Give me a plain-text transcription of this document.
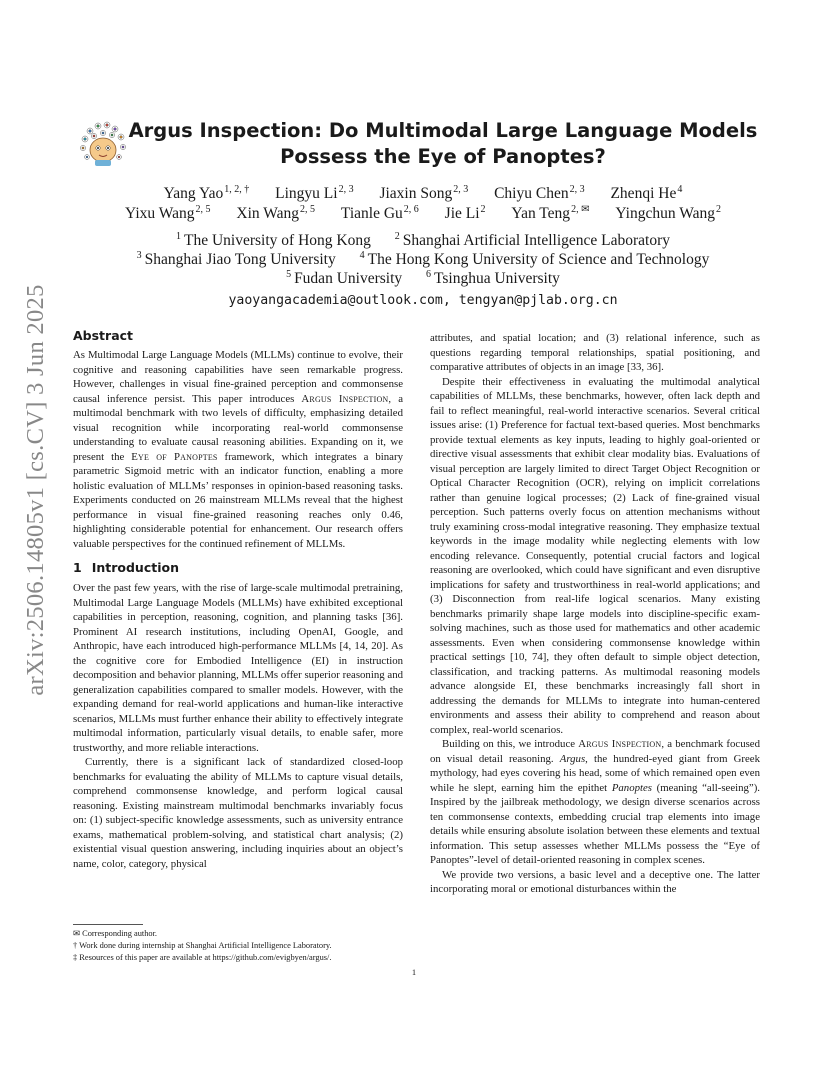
arXiv:2506.14805v1 [cs.CV] 3 Jun 2025
Argus Inspection: Do Multimodal Large Language Models
Possess the Eye of Panoptes?
Yang Yao$^{1, 2, \dagger}$ Lingyu Li$^{2, 3}$ Jiaxin Song$^{2, 3}$ Chiyu Chen$^{2, 3}$ Zhenqi He$^4$
Yixu Wang$^{2, 5}$ Xin Wang$^{2, 5}$ Tianle Gu$^{2, 6}$ Jie Li$^2$ Yan Teng$^{2, ✉}$ Yingchun Wang$^2$
$^1$ The University of Hong Kong $^2$ Shanghai Artificial Intelligence Laboratory
$^3$ Shanghai Jiao Tong University $^4$ The Hong Kong University of Science and Technology
$^5$ Fudan University $^6$ Tsinghua University
yaoyangacademia@outlook.com, tengyan@pjlab.org.cn
Abstract

As Multimodal Large Language Models (MLLMs) continue to evolve, their cognitive and reasoning capabilities have seen remarkable progress. However, challenges in visual fine-grained perception and commonsense causal inference persist. This paper introduces Argus Inspection, a multimodal benchmark with two levels of difficulty, emphasizing detailed visual recognition while incorporating real-world commonsense understanding to evaluate causal reasoning abilities. Expanding on it, we present the Eye of Panoptes framework, which integrates a binary parametric Sigmoid metric with an indicator function, enabling a more holistic evaluation of MLLMs’ responses in opinion-based reasoning tasks. Experiments conducted on 26 mainstream MLLMs reveal that the highest performance in visual fine-grained reasoning reaches only 0.46, highlighting considerable potential for enhancement. Our research offers valuable perspectives for the continued refinement of MLLMs.

1 Introduction

Over the past few years, with the rise of large-scale multimodal pretraining, Multimodal Large Language Models (MLLMs) have exhibited exceptional capabilities in perception, reasoning, cognition, and planning tasks [36]. Prominent AI research institutions, including OpenAI, Google, and Anthropic, have each introduced high-performance MLLMs [4, 14, 20]. As the cognitive core for Embodied Intelligence (EI) in instruction decomposition and behavior planning, MLLMs offer superior reasoning and generalization capabilities compared to smaller models. However, with the expanding demand for real-world applications and human-like interactive scenarios, MLLMs must further enhance their ability to effectively integrate multimodal information, particularly visual details, to enable safer, more trustworthy, and more reliable interactions.

Currently, there is a significant lack of standardized closed-loop benchmarks for evaluating the ability of MLLMs to capture visual details, comprehend commonsense knowledge, and perform logical causal reasoning. Existing mainstream multimodal benchmarks invariably focus on: (1) subject-specific knowledge assessments, such as university entrance exams, mathematical problem-solving, and statistical chart analysis; (2) existential visual question answering, including inquiries about an object’s name, color, category, physical

attributes, and spatial location; and (3) relational inference, such as questions regarding temporal relationships, spatial positioning, and comparative attributes of objects in an image [33, 36].

Despite their effectiveness in evaluating the multimodal analytical capabilities of MLLMs, these benchmarks, however, often lack depth and fail to reflect meaningful, real-world interactive scenarios. Several critical issues arise: (1) Preference for factual text-based queries. Most benchmarks provide textual elements as key inputs, leading to highly goal-oriented or directive visual assessments that exhibit clear modality bias. Evaluations of visual perception are largely limited to direct Target Object Recognition or Optical Character Recognition (OCR), relying on implicit correlations rather than genuine logical processes; (2) Lack of fine-grained visual perception. Such patterns overly focus on attention mechanisms without truly examining cross-modal integrative reasoning. They emphasize textual keywords in the image modality while neglecting elements with low encoding relevance. Consequently, potential crucial factors and logical reasoning are overlooked, which could have significant and even disruptive implications for safety and trustworthiness in real-world applications; and (3) Disconnection from real-life logical scenarios. Many existing benchmarks primarily shape large models into discipline-specific exam-solving machines, such as those used for mathematics and other academic assessments. Even when considering commonsense knowledge within practical settings [10, 74], they often default to simple object detection, classification, and tracking patterns. As multimodal reasoning models advance alongside EI, these benchmarks increasingly fall short in addressing the demands for MLLMs to integrate into human-centered environments and assess their ability to comprehend and reason about complex, real-world scenarios.

Building on this, we introduce Argus Inspection, a benchmark focused on visual detail reasoning. Argus, the hundred-eyed giant from Greek mythology, had eyes covering his head, some of which remained open even while he slept, earning him the epithet Panoptes (meaning “all-seeing”). Inspired by the jailbreak methodology, we design diverse scenarios across ten commonsense contexts, embedding crucial trap elements into image details while ensuring absolute isolation between these elements and textual information. This setup assesses whether MLLMs possess the “Eye of Panoptes”-level of detail-oriented reasoning in complex scenes.

We provide two versions, a basic level and a deceptive one. The latter incorporating moral or emotional disturbances within the

✉ Corresponding author.
† Work done during internship at Shanghai Artificial Intelligence Laboratory.
‡ Resources of this paper are available at https://github.com/evigbyen/argus/.
1
